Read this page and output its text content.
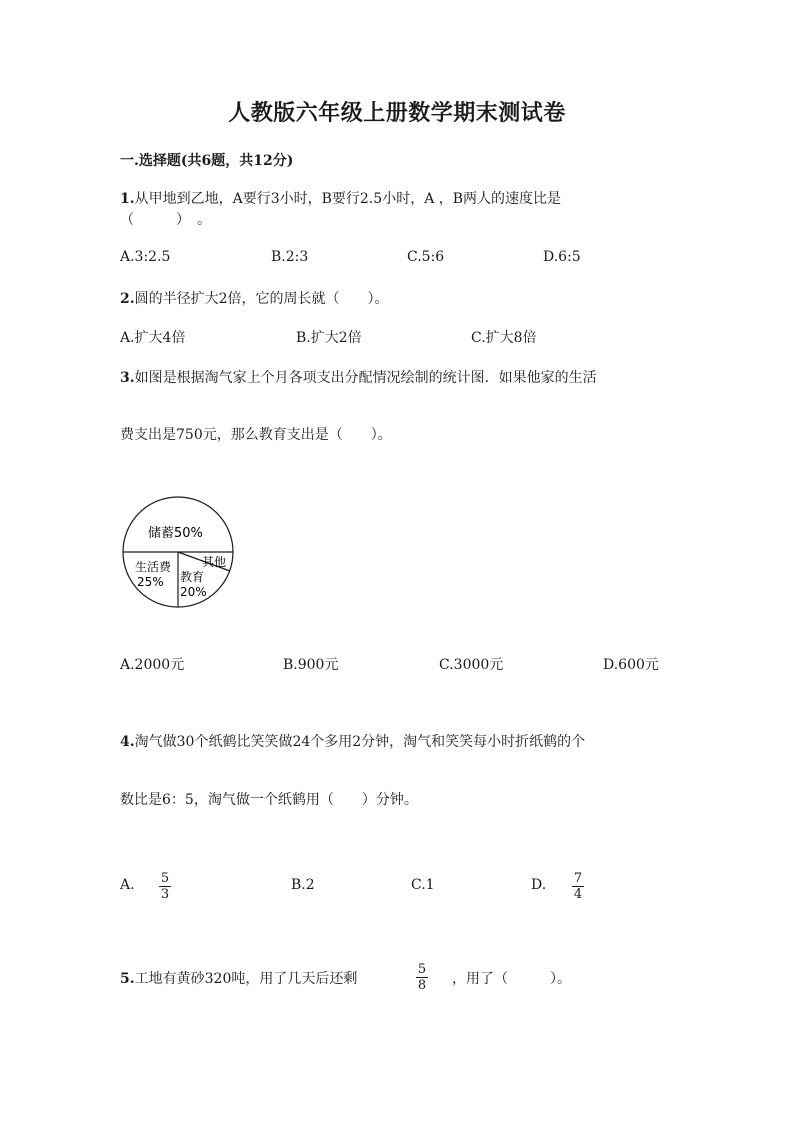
人教版六年级上册数学期末测试卷
一.选择题(共6题，共12分)
1.从甲地到乙地，A要行3小时，B要行2.5小时，A ，B两人的速度比是
（　　　）　。
A.3:2.5	B.2:3	C.5:6	D.6:5
2.圆的半径扩大2倍，它的周长就（　　）。
A.扩大4倍	B.扩大2倍	C.扩大8倍
3.如图是根据淘气家上个月各项支出分配情况绘制的统计图．如果他家的生活
费支出是750元，那么教育支出是（　　）。
储蓄50%
其他
生活费
25% 教育
20%
A.2000元	B.900元	C.3000元	D.600元
4.淘气做30个纸鹤比笑笑做24个多用2分钟，淘气和笑笑每小时折纸鹤的个
数比是6：5，淘气做一个纸鹤用（　　）分钟。
A. 5
3
B.2	C.1	D. 7
4
5.工地有黄砂320吨，用了几天后还剩
5
8 ，用了（　　　）。
